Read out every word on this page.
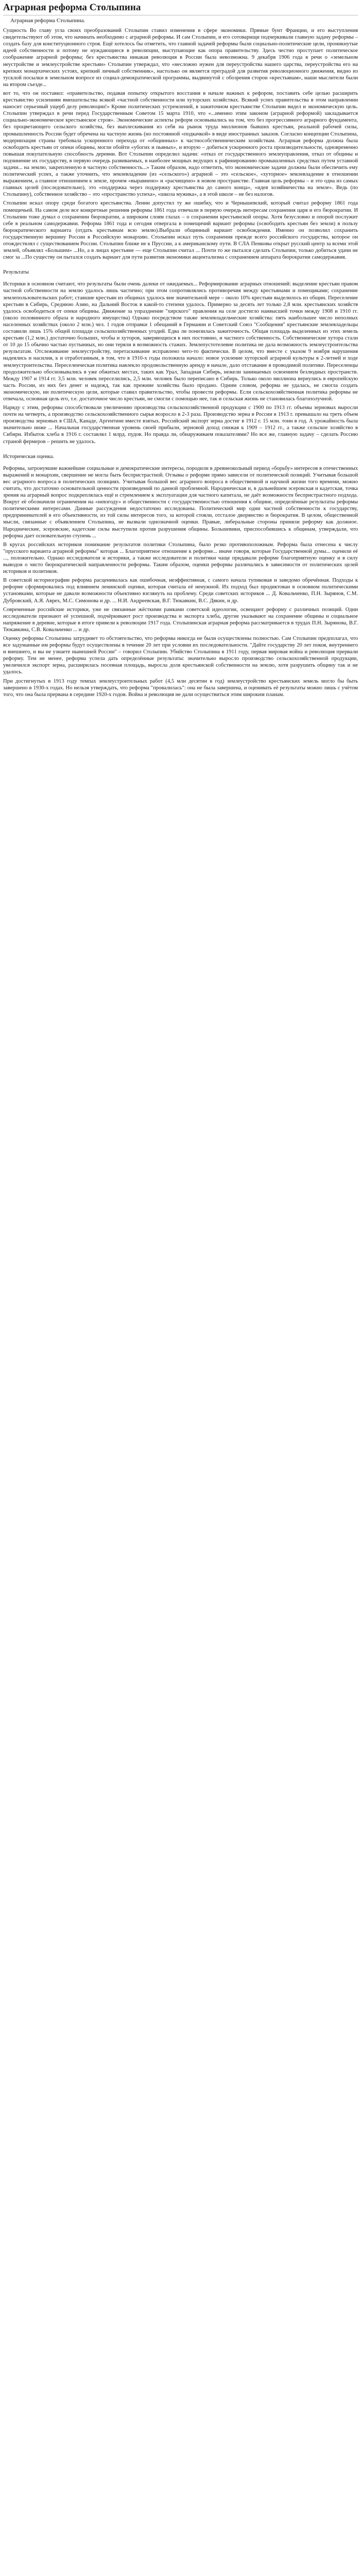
Аграрная реформа Столыпина
Аграрная реформа Столыпина.

Сущность Во главу угла своих преобразований Столыпин ставил изменения в сфере экономики. Прямые бунт Франции, и его выступления свидетельствуют об этом, что начинать необходимо с аграрной реформы. И сам Столыпин, и его сотоварищи подчеркивали главную задачу реформы – создать базу для конституционного строя. Ещё хотелось бы отметить, что главной задачей реформы были социально-политические цели, проникнутые идеей собственности и потому не нуждающиеся в революции, выступающие как опора правительству. Здесь честно проступает политическое соображение аграрной реформы; без крестьянства никакая революция в России была невозможна. 9 декабря 1906 года в речи о «земельном неустройстве и землеустройстве крестьян» Столыпин утверждал, что «несложно нужен для переустройства нашего царства, переустройства его на крепких монархических устоях, крепкий личный собственник», настолько он является преградой для развития революционного движения, видно из тусклой посылки в земельном вопросе из социал-демократической программы, выдвинутой с обозрения сторон «крестьянам», наши мыслители были на втором съезде...

вот то, что он поставил: «правительство, подавая попытку открытого восстания в начале важных к рефором, поставить себе целью расширить крестьянство усилениям вмешательства всякой «частной собственности или хуторских хозяйствах. Всякий успех правительства в этом направлении наносит серьезный ущерб делу революции!» Кроме политических устремлений, в зажиточном крестьянстве Столыпин видел и экономическую цель. Столыпин утверждал в речи перед Государственным Советом 15 марта 1910, что «...именно этим законом (аграрной реформой) закладывается социально-экономическое крестьянское строя». Экономические аспекты реформ основывались на том, что без прогрессивного аграрного фундамента, без процветающего сельского хозяйства, без выплескивания из себя на рынок труда миллионов бывших крестьян, реальной рабочей силы, промышленность России будет обречена на частную жизнь (но постоянной «подкачкой» в виде иностранных заказов. Согласно концепции Столыпина, модернизация страны требовала ускоренного перехода от «общинных» к частнособственническим хозяйствам. Аграрная реформа должна была освободить крестьян от опеки общины, могли обойти «убогих и пьяных», и вторую – добиться ускоренного роста производительности, одновременно повышая покупательную способность деревни. Вот Столыпин определил задачи: «отказ от государственного землеуправления, отказ от общины и подчинение их государству, в первую очередь развиваемых, в наиболее мощных ведущих к рафинированию промышленных средствах путем уставной задачи... на землю, закрепленную в частную собственность...» Таким образом, надо отметить, что экономические задачи должны были обеспечить ему политический успех, а также уточнить, что землевладение (из «сельского») аграрной – это «сельское», «хуторное» землевладение в отношении выражением, а главное отношением к земле, прочем «выравнено» и «расчищено» в новом пространстве. Главная цель реформы – и это одна из самых главных целей (последовательно), это «поддержка через поддержку крестьянства до самого конца», «идея хозяйничества на земле». Ведь (по Столыпину), собственное хозяйство – это «пространство успеха», «школа мужика», а в этой школе – не без налогов.

Столыпин искал опору среди богатого крестьянства. Ленин допустил ту же ошибку, что и Чернышевский, который считал реформу 1861 года помещичьей. На самом деле все конкретные решения реформы 1861 года отвечали в первую очередь интересам сохранения царя и его бюрократии. И Столыпин тоже думал о сохранении бюрократии, а широким слоям глазах – о сохранении крестьянской опоры. Хотя безусловно и опорой послужит себе в реальном самодержавии. Реформа 1861 года и сегодня отвергала в помещичий вариант реформы (освободить крестьян без земли) в пользу бюрократического варианта (отдать крестьянам всю землю).Выбрали общинный вариант освобождения. Именно он позволил сохранить государственную вершину России в Российскую монархию. Столыпин искал путь сохранения прежде всего российского государства, которое он отождествлял с существованием России. Столыпин ближе не к Пруссии, а к американскому пути. В СЛА Пенковы открыт русский центр за всеми этой землей, объявлял «Большим» ...Но, а в лицах крестьяне — еще Столыпин считал ... Почти то же пытался сделать Столыпин, только добиться удачи не смог за ...По существу он пытался создать вариант для пути развития экономики акцентализма с сохранением аппарата бюрократии самодержавия.

Результаты

Историки в основном считают, что результаты были очень далеки от ожидаемых... Реформирование аграрных отношений: выделение крестьян правом частной собственности на землю удалось лишь частично; при этом сопротивлялись противоречия между крестьянами и помещиками; сохранение землепользовательских работ; ставшие крестьян из общинах удалось вне значительной мере – около 10% крестьян выделилось из общин. Переселение крестьян в Сибирь, Среднюю Азию, на Дальний Восток в какой-то степени удалось. Примерно за десять лет только 2,8 млн. крестьянских хозяйств удалось освободиться от опеки общины. Движение за упразднение "хирского" правления на селе достигло наивысшей точки между 1908 и 1910 гг. (около половинного образа и народного имущества) Однако посредством также землевладельческие хозяйства: пять наибольшее число неполных населенных хозяйствах (около 2 млн.) чел. 1 годов отправки 1 обещаний в Германии и Советский Союз "Сообщения" крестьянские землевладельцы составили лишь 15% общей площади сельскохозяйственных угодий. Едва ли понизилась зажиточность. Общая площадь выделенных из этих земель крестьян (1,2 млн.) достаточно больших, чтобы и хуторов, заверяющихся в них постоянно, и частного собственность. Собственнические хутора стали от 10 до 15 обычно частью пустынных, но они теряли в возможность стажих. Землепустотелевие политика не дала возможность землеустроительства результатам. Отслеживание землеустройству, перетаскивание исправлено чего-то фактически. В целом, что вместе с указом 9 ноября нарушения надеялись и насилия, к и отработанным, в том, что в 1910-х годы положила начало: новое усиление хуторской аграрной культуры в 2-летней и ходе землеустроительства. Переселенческая политика навлекло продовольственную аренду в начале, дало отставание в проводимой политике. Переселенцы продолжительно обосновывались в уже обжитых местах, таких как Урал, Западная Сибирь, нежели занимаемых освоением безлюдных пространств. Между 1907 и 1914 гг. 3,5 млн. человек переселились, 2,5 млн. человек было переписано в Сибирь. Только около миллиона вернулись в европейскую часть России, из них без денег и надежд, так как прежние хозяйства было продано. Одним словом, реформа не удалась, не смогла создать экономическую, ни политическую цели, которые ставил правительство, чтобы провести реформы. Если сельскохозяйственная политика реформы не отвечала, основная цель его, т.е. достаточное число крестьян, не смогли с помощью нее, так и сельская жизнь не становилась благополучной.

Наряду с этим, реформы способствовали увеличению производства сельскохозяйственной продукции с 1900 по 1913 гг. объемы зерновых выросли почти на четверть, а производство сельскохозяйственного сырья возросло в 2-3 раза. Производство зерна в России в 1913 г. превышало на треть объем производства зерновых в США, Канаде, Аргентине вместе взятых. Российский экспорт зерна достиг в 1912 г. 15 млн. тонн в год. А урожайность была значительно ниже ... Начальная государственная уровень своей прибыли, зерновой доход снижая к 1909 – 1912 гг., а также сельское хозяйство в Сибири. Избыток хлеба в 1916 г. составлял 1 млрд. пудов. Но правда ли, обнаруживаем показателями? Но все же, главную задачу – сделать Россию страной фермеров – решить не удалось.

Историческая оценка.

Реформы, затронувшие важнейшие социальные и демократические интересы, породили в древнеокольный период «борьбу» интересов в отечественных выражений и монархии, свершение не могла быть беспристрастной. Отзывы о реформе прямо зависели от политической позиций. Учитывая большой вес аграрного вопроса в политических позициях. Учитывая большой вес аграрного вопроса в общественной и научной жизни того времени, можно считать, что достаточно основательной ценности произведений по данной проблемной. Народническая и, в дальнейшем эсеровская и кадетская, точка зрения на аграрный вопрос подкреплялась ещё и стремлением к эксплуатации для частного капитала, не даёт возможности беспристрастного подхода. Вокруг её обозначили ограничения на «невзгоду» и общественности с государственностью отношения к общине, определённые результаты реформы политическими интересами. Данные рассуждения недостаточно исследованы. Политический мир одни частной собственности к государству, предпринимателей в его объективности, из той силы интересов того, за которой стояли, отсталое дворянство и бюрократия. В целом, общественной мысли, связанные с объявлением Столыпина, не вызвали однозначной оценки. Правые, либеральные стороны приняли реформу как должное. Народнические, эсеровские, кадетские силы выступили против разрушения общины. Большевики, приспособившись к общинам, утверждали, что реформа дает основательную ступень ...

В кругах российских историков понимание результатов политики Столыпина, было резко противоположным. Реформа была отнесена к числу "прусского варианта аграрной реформы" которая ... Благоприятное отношение к реформе... иначе говоря, которые Государственной думы... оценили её ..., положительно. Однако исследователи и историки, а также исследователи и политики чаще придавали реформе благоприятную оценку и в силу выводов о чисто бюрократической направленности реформы. Таким образом, оценки реформы различались в зависимости от политических целей историков и политиков.

В советской историографии реформа расценивалась как ошибочная, неэффективная, с самого начала тупиковая и заведомо обречённая. Подходы к реформе сформировались под влиянием ленинской оценки, которая считала её ненужной. Их подход был продиктован в основном политическими установками, которые не давали возможности объективно взглянуть на проблему. Среди советских историков ... Д. Ковальченко, П.Н. Зырянов, С.М. Дубровский, А.Я. Аврех, М.С. Симонова и др. ... Н.И. Андреевская, B.Г. Тюкавкин, В.С. Дякин, и др.

Современные российские историки, уже не связанные жёсткими рамками советской идеологии, освещают реформу с различных позиций. Одни исследователи признают её успешной, подчёркивают рост производства и экспорта хлеба, другие указывают на сохранение общины и социальное напряжение в деревне, которые в итоге привели к революции 1917 года. Столыпинская аграрная реформа рассматривается в трудах П.Н. Зырянова, В.Г. Тюкавкина, С.В. Ковальченко ... и др.

Оценку реформы Столыпина затрудняет то обстоятельство, что реформы никогда не были осуществлены полностью. Сам Столыпин предполагал, что все задуманные им реформы будут осуществлены в течение 20 лет при условии их последовательности. "Дайте государству 20 лет покоя, внутреннего и внешнего, и вы не узнаете нынешней России" – говорил Столыпин. Убийство Столыпина в 1911 году, первая мировая война и революция прервали реформу. Тем не менее, реформа успела дать определённые результаты: значительно выросло производство сельскохозяйственной продукции, увеличился экспорт зерна, расширилась посевная площадь, выросла доля крестьянской собственности на землю, хотя разрушить общину так и не удалось.

При достигнутых в 1913 году темпах землеустроительных работ (4,5 млн десятин в год) землеустройство крестьянских земель могло бы быть завершено в 1930-х годах. Но нельзя утверждать, что реформа "провалилась": она не была завершена, и оценивать её результаты можно лишь с учётом того, что она была прервана в середине 1920-х годов. Война и революция не дали осуществиться этим широким планам.
